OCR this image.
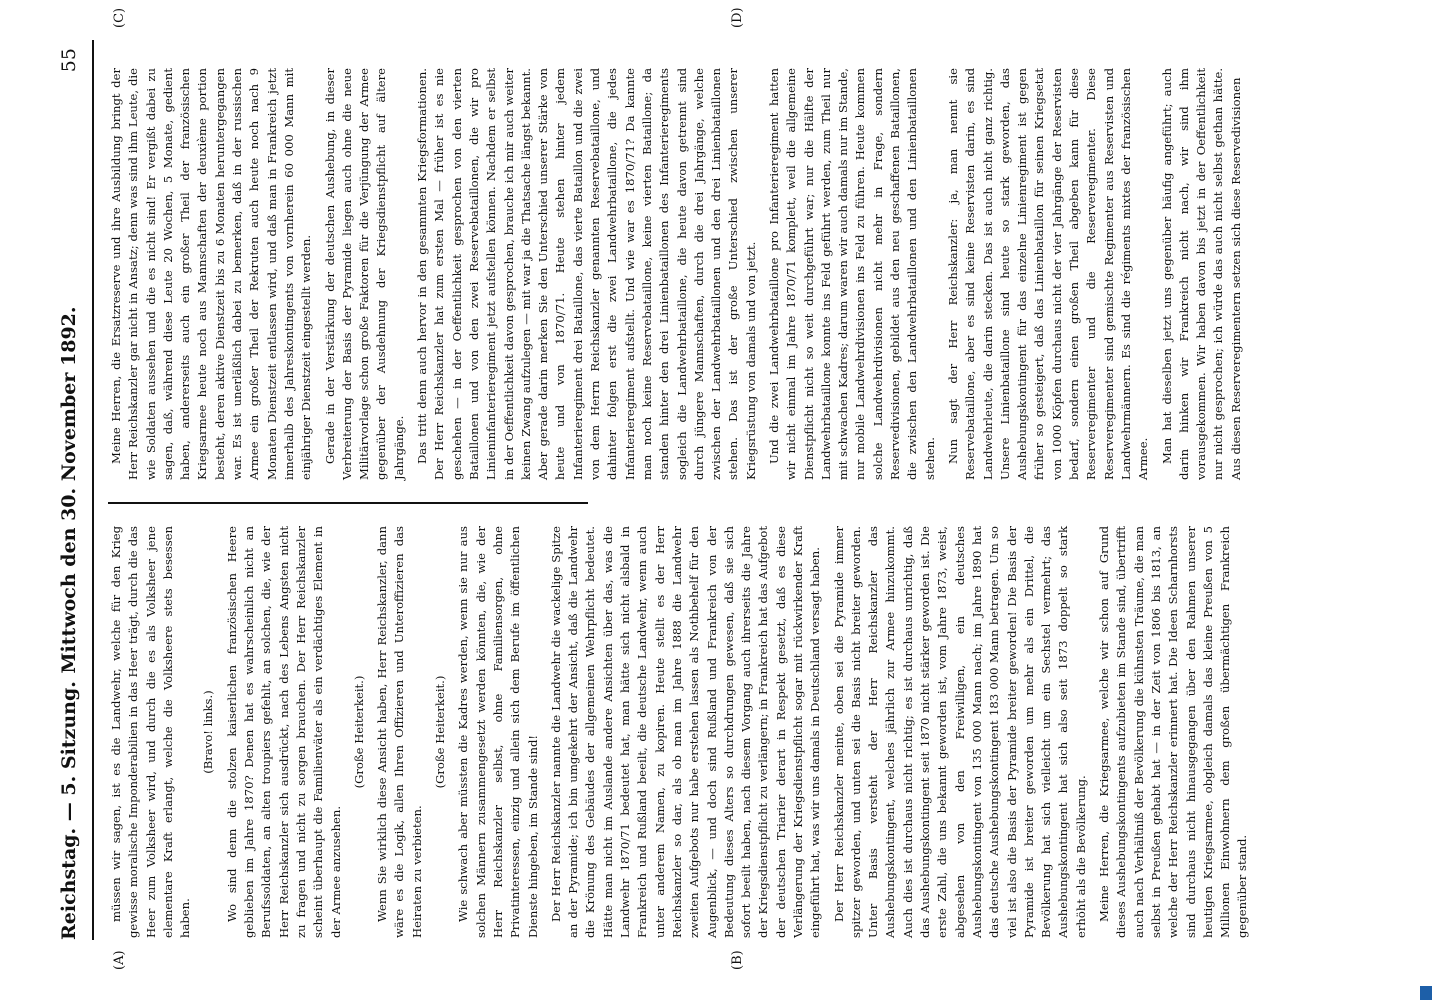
Reichstag. — 5. Sitzung.
Mittwoch den 30. November 1892.
55
(A)	(B)
(C)	(D)

müssen wir sagen, ist es die Landwehr, welche für den Krieg gewisse moralische Imponderabilien in das Heer trägt, durch die das Heer zum Volksheer wird, und durch die es als Volksheer jene elementare Kraft erlangt, welche die Volksheere stets besessen haben.

(Bravo! links.) Wo sind denn die stolzen kaiserlichen französischen Heere geblieben im Jahre 1870? Denen hat es wahrscheinlich nicht an Berufssoldaten, an alten troupiers gefehlt, an solchen, die, wie der Herr Reichskanzler sich ausdrückt, nach des Lebens Angsten nicht zu fragen und nicht zu sorgen brauchen. Der Herr Reichskanzler scheint überhaupt die Familienväter als ein verdächtiges Element in der Armee anzusehen.

(Große Heiterkeit.) Wenn Sie wirklich diese Ansicht haben, Herr Reichskanzler, dann wäre es die Logik, allen Ihren Offizieren und Unteroffizieren das Heiraten zu verbieten.

(Große Heiterkeit.) Wie schwach aber müssten die Kadres werden, wenn sie nur aus solchen Männern zusammengesetzt werden könnten, die, wie der Herr Reichskanzler selbst, ohne Familiensorgen, ohne Privatinteressen, einzig und allein sich dem Berufe im öffentlichen Dienste hingeben, im Stande sind! Der Herr Reichskanzler nannte die Landwehr die wackelige Spitze an der Pyramide; ich bin umgekehrt der Ansicht, daß die Landwehr die Krönung des Gebäudes der allgemeinen Wehrpflicht bedeutet. Hätte man nicht im Auslande andere Ansichten über das, was die Landwehr 1870/71 bedeutet hat, man hätte sich nicht alsbald in Frankreich und Rußland beeilt, die deutsche Landwehr, wenn auch unter anderem Namen, zu kopiren. Heute stellt es der Herr Reichskanzler so dar, als ob man im Jahre 1888 die Landwehr zweiten Aufgebots nur habe erstehen lassen als Nothbehelf für den Augenblick, — und doch sind Rußland und Frankreich von der Bedeutung dieses Alters so durchdrungen gewesen, daß sie sich sofort beeilt haben, nach diesem Vorgang auch ihrerseits die Jahre der Kriegsdienstpflicht zu verlängern; in Frankreich hat das Aufgebot der deutschen Triarier derart in Respekt gesetzt, daß es diese Verlängerung der Kriegsdienstpflicht sogar mit rückwirkender Kraft eingeführt hat, was wir uns damals in Deutschland versagt haben. Der Herr Reichskanzler meinte, oben sei die Pyramide immer spitzer geworden, und unten sei die Basis nicht breiter geworden. Unter Basis versteht der Herr Reichskanzler das Aushebungskontingent, welches jährlich zur Armee hinzukommt. Auch dies ist durchaus nicht richtig; es ist durchaus unrichtig, daß das Aushebungskontingent seit 1870 nicht stärker geworden ist. Die erste Zahl, die uns bekannt geworden ist, vom Jahre 1873, weist, abgesehen von den Freiwilligen, ein deutsches Aushebungskontingent von 135 000 Mann nach; im Jahre 1890 hat das deutsche Aushebungskontingent 183 000 Mann betragen. Um so viel ist also die Basis der Pyramide breiter geworden! Die Basis der Pyramide ist breiter geworden um mehr als ein Drittel, die Bevölkerung hat sich vielleicht um ein Sechstel vermehrt; das Aushebungskontingent hat sich also seit 1873 doppelt so stark erhöht als die Bevölkerung. Meine Herren, die Kriegsarmee, welche wir schon auf Grund dieses Aushebungskontingents aufzubieten im Stande sind, übertrifft auch nach Verhältniß der Bevölkerung die kühnsten Träume, die man selbst in Preußen gehabt hat — in der Zeit von 1806 bis 1813, an welche der Herr Reichskanzler erinnert hat. Die Ideen Scharnhorsts sind durchaus nicht hinausgegangen über den Rahmen unserer heutigen Kriegsarmee, obgleich damals das kleine Preußen von 5 Millionen Einwohnern dem großen übermächtigen Frankreich gegenüber stand.

Meine Herren, die Ersatzreserve und ihre Ausbildung bringt der Herr Reichskanzler gar nicht in Ansatz; denn was sind ihm Leute, die wie Soldaten aussehen und die es nicht sind! Er vergißt dabei zu sagen, daß, während diese Leute 20 Wochen, 5 Monate, gedient haben, andererseits auch ein großer Theil der französischen Kriegsarmee heute noch aus Mannschaften der deuxième portion besteht, deren aktive Dienstzeit bis zu 6 Monaten heruntergegangen war. Es ist unerläßlich dabei zu bemerken, daß in der russischen Armee ein großer Theil der Rekruten auch heute noch nach 9 Monaten Dienstzeit entlassen wird, und daß man in Frankreich jetzt innerhalb des Jahreskontingents von vornherein 60 000 Mann mit einjähriger Dienstzeit eingestellt werden. Gerade in der Verstärkung der deutschen Aushebung, in dieser Verbreiterung der Basis der Pyramide liegen auch ohne die neue Militärvorlage schon große Faktoren für die Verjüngung der Armee gegenüber der Ausdehnung der Kriegsdienstpflicht auf ältere Jahrgänge. Das tritt denn auch hervor in den gesammten Kriegsformationen. Der Herr Reichskanzler hat zum ersten Mal — früher ist es nie geschehen — in der Oeffentlichkeit gesprochen von den vierten Bataillonen und von den zwei Reservebataillonen, die wir pro Linieninfanterieregiment jetzt aufstellen können. Nachdem er selbst in der Oeffentlichkeit davon gesprochen, brauche ich mir auch weiter keinen Zwang aufzulegen — mit war ja die Thatsache längst bekannt. Aber gerade darin merken Sie den Unterschied unserer Stärke von heute und von 1870/71. Heute stehen hinter jedem Infanterieregiment drei Bataillone, das vierte Bataillon und die zwei von dem Herrn Reichskanzler genannten Reservebataillone, und dahinter folgen erst die zwei Landwehrbataillone, die jedes Infanterieregiment aufstellt. Und wie war es 1870/71? Da kannte man noch keine Reservebataillone, keine vierten Bataillone; da standen hinter den drei Linienbataillonen des Infanterieregiments sogleich die Landwehrbataillone, die heute davon getrennt sind durch jüngere Mannschaften, durch die drei Jahrgänge, welche zwischen der Landwehrbataillonen und den drei Linienbataillonen stehen. Das ist der große Unterschied zwischen unserer Kriegsrüstung von damals und von jetzt. Und die zwei Landwehrbataillone pro Infanterieregiment hatten wir nicht einmal im Jahre 1870/71 komplett, weil die allgemeine Dienstpflicht nicht so weit durchgeführt war; nur die Hälfte der Landwehrbataillone konnte ins Feld geführt werden, zum Theil nur mit schwachen Kadres; darum waren wir auch damals nur im Stande, nur mobile Landwehrdivisionen ins Feld zu führen. Heute kommen solche Landwehrdivisionen nicht mehr in Frage, sondern Reservedivisionen, gebildet aus den neu geschaffenen Bataillonen, die zwischen den Landwehrbataillonen und den Linienbataillonen stehen. Nun sagt der Herr Reichskanzler: ja, man nennt sie Reservebataillone, aber es sind keine Reservisten darin, es sind Landwehrleute, die darin stecken. Das ist auch nicht ganz richtig. Unsere Linienbataillone sind heute so stark geworden, das Aushebungskontingent für das einzelne Linienregiment ist gegen früher so gesteigert, daß das Linienbataillon für seinen Kriegsetat von 1000 Köpfen durchaus nicht der vier Jahrgänge der Reservisten bedarf, sondern einen großen Theil abgeben kann für diese Reserveregimenter und die Reserveregimenter. Diese Reserveregimenter sind gemischte Regimenter aus Reservisten und Landwehrmännern. Es sind die régiments mixtes der französischen Armee. Man hat dieselben jetzt uns gegenüber häufig angeführt; auch darin hinken wir Frankreich nicht nach, wir sind ihm vorausgekommen. Wir haben davon bis jetzt in der Oeffentlichkeit nur nicht gesprochen; ich würde das auch nicht selbst gethan hätte. Aus diesen Reserveregimentern setzen sich diese Reservedivisionen
